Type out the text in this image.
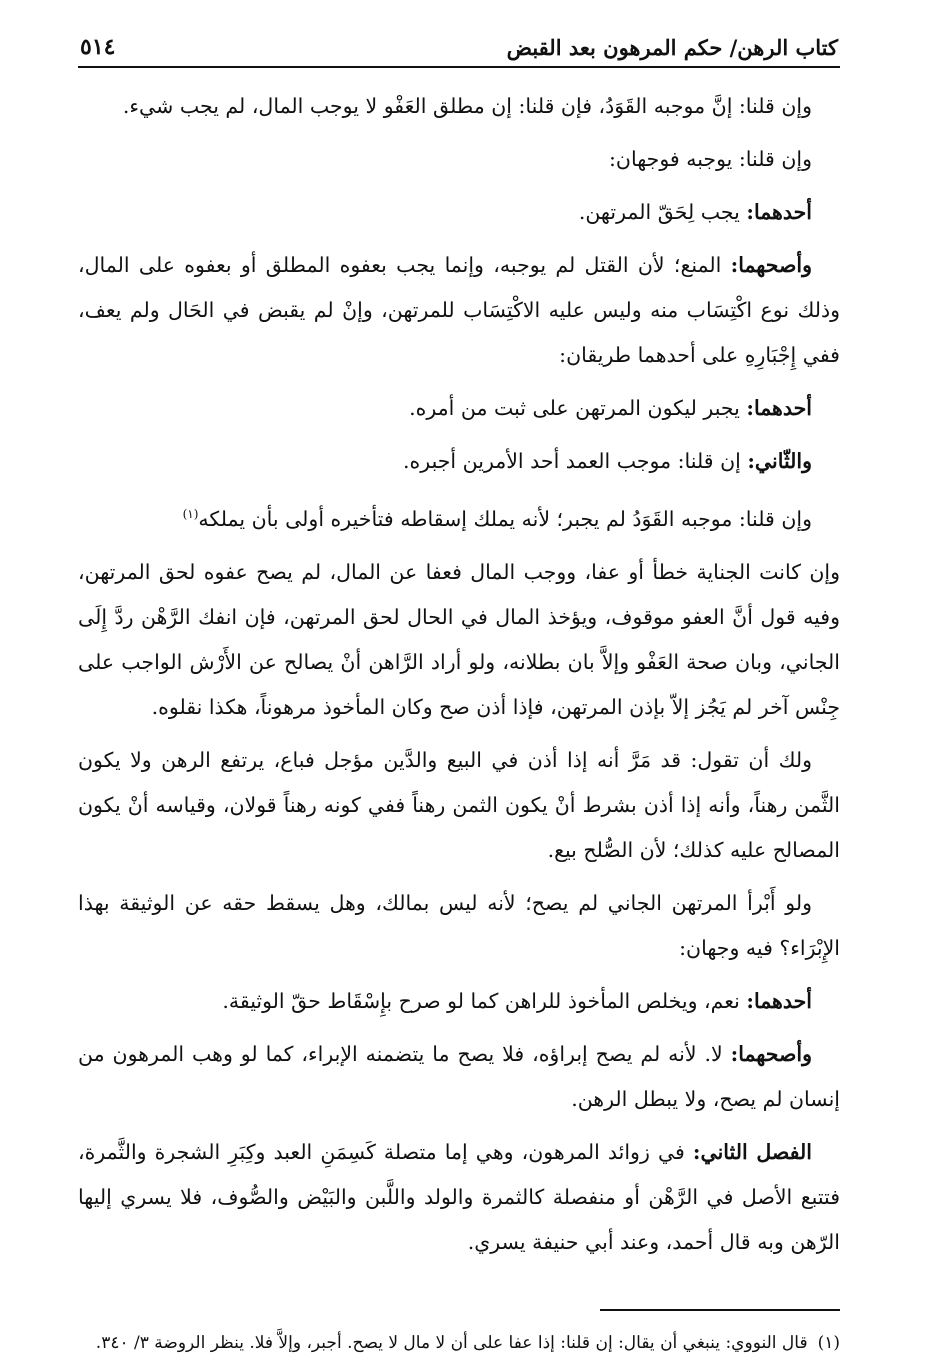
كتاب الرهن/ حكم المرهون بعد القبض
٥١٤

وإن قلنا: إنَّ موجبه القَوَدُ، فإن قلنا: إن مطلق العَفْو لا يوجب المال، لم يجب شيء.

وإن قلنا: يوجبه فوجهان:

أحدهما: يجب لِحَقّ المرتهن.

وأصحهما: المنع؛ لأن القتل لم يوجبه، وإنما يجب بعفوه المطلق أو بعفوه على المال، وذلك نوع اكْتِسَاب منه وليس عليه الاكْتِسَاب للمرتهن، وإنْ لم يقبض في الحَال ولم يعف، ففي إِجْبَارِهِ على أحدهما طريقان:

أحدهما: يجبر ليكون المرتهن على ثبت من أمره.

والثّاني: إن قلنا: موجب العمد أحد الأمرين أجبره.

وإن قلنا: موجبه القَوَدُ لم يجبر؛ لأنه يملك إسقاطه فتأخيره أولى بأن يملكه$^{(١)}$

وإن كانت الجناية خطأ أو عفا، ووجب المال فعفا عن المال، لم يصح عفوه لحق المرتهن، وفيه قول أنَّ العفو موقوف، ويؤخذ المال في الحال لحق المرتهن، فإن انفك الرَّهْن ردَّ إِلَى الجاني، وبان صحة العَفْو وإلاَّ بان بطلانه، ولو أراد الرَّاهن أنْ يصالح عن الأَرْش الواجب على جِنْس آخر لم يَجُز إلاّ بإذن المرتهن، فإذا أذن صح وكان المأخوذ مرهوناً، هكذا نقلوه.

ولك أن تقول: قد مَرَّ أنه إذا أذن في البيع والدَّين مؤجل فباع، يرتفع الرهن ولا يكون الثَّمن رهناً، وأنه إذا أذن بشرط أنْ يكون الثمن رهناً ففي كونه رهناً قولان، وقياسه أنْ يكون المصالح عليه كذلك؛ لأن الصُّلح بيع.

ولو أَبْرأ المرتهن الجاني لم يصح؛ لأنه ليس بمالك، وهل يسقط حقه عن الوثيقة بهذا الإِبْرَاء؟ فيه وجهان:

أحدهما: نعم، ويخلص المأخوذ للراهن كما لو صرح بإِسْقَاط حقّ الوثيقة.

وأصحهما: لا. لأنه لم يصح إبراؤه، فلا يصح ما يتضمنه الإبراء، كما لو وهب المرهون من إنسان لم يصح، ولا يبطل الرهن.

الفصل الثاني: في زوائد المرهون، وهي إما متصلة كَسِمَنِ العبد وكِبَرِ الشجرة والثَّمرة، فتتبع الأصل في الرَّهْن أو منفصلة كالثمرة والولد واللَّبن والبَيْض والصُّوف، فلا يسري إليها الرّهن وبه قال أحمد، وعند أبي حنيفة يسري.

(١)قال النووي: ينبغي أن يقال: إن قلنا: إذا عفا على أن لا مال لا يصح. أجبر، وإلاَّ فلا. ينظر الروضة ٣/ ٣٤٠.
